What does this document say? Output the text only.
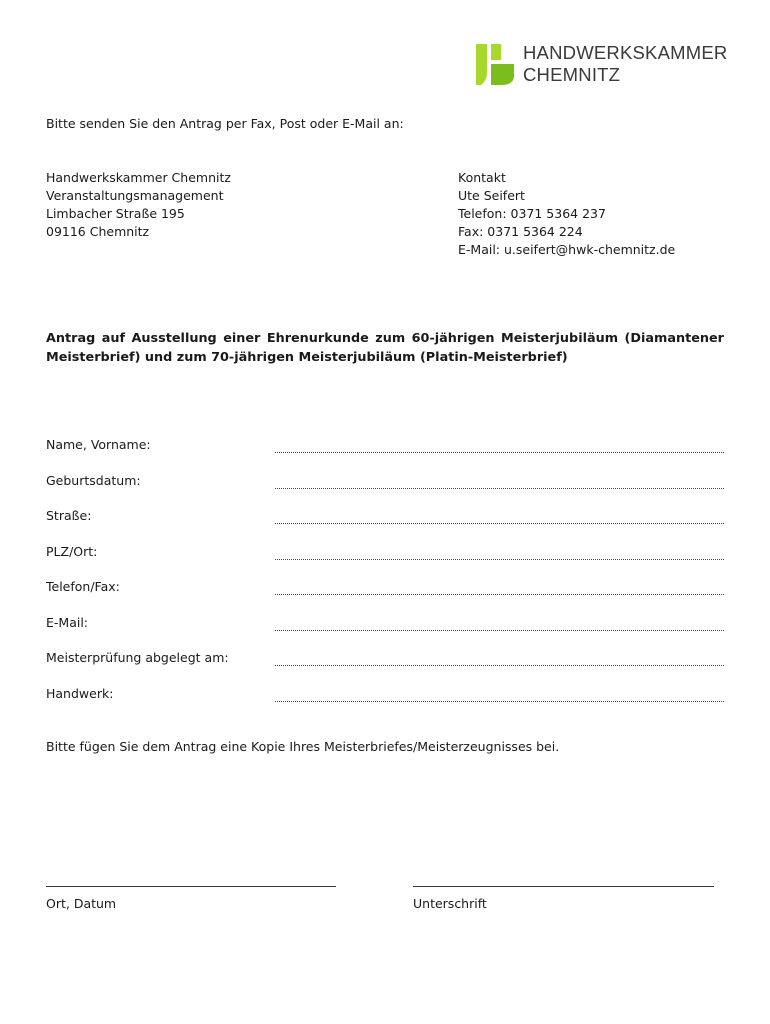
HANDWERKSKAMMER
CHEMNITZ
Bitte senden Sie den Antrag per Fax, Post oder E-Mail an:
Handwerkskammer Chemnitz
Veranstaltungsmanagement
Limbacher Straße 195
09116 Chemnitz
Kontakt
Ute Seifert
Telefon: 0371 5364 237
Fax: 0371 5364 224
E-Mail: u.seifert@hwk-chemnitz.de
Antrag auf Ausstellung einer Ehrenurkunde zum 60-jährigen Meisterjubiläum (Diamantener Meisterbrief) und zum 70-jährigen Meisterjubiläum (Platin-Meisterbrief)
Name, Vorname:
Geburtsdatum:
Straße:
PLZ/Ort:
Telefon/Fax:
E-Mail:
Meisterprüfung abgelegt am:
Handwerk:
Bitte fügen Sie dem Antrag eine Kopie Ihres Meisterbriefes/Meisterzeugnisses bei.
Ort, Datum	Unterschrift
